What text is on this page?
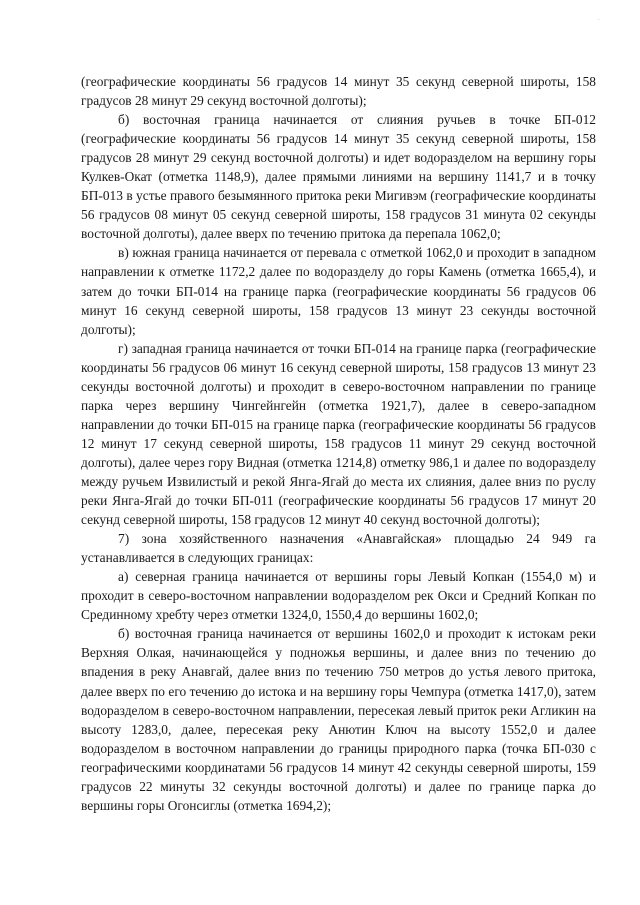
·

(географические координаты 56 градусов 14 минут 35 секунд северной широты, 158 градусов 28 минут 29 секунд восточной долготы);

б) восточная граница начинается от слияния ручьев в точке БП-012 (географические координаты 56 градусов 14 минут 35 секунд северной широты, 158 градусов 28 минут 29 секунд восточной долготы) и идет водоразделом на вершину горы Кулкев-Окат (отметка 1148,9), далее прямыми линиями на вершину 1141,7 и в точку БП-013 в устье правого безымянного притока реки Мигивэм (географические координаты 56 градусов 08 минут 05 секунд северной широты, 158 градусов 31 минута 02 секунды восточной долготы), далее вверх по течению притока да перепала 1062,0;

в) южная граница начинается от перевала с отметкой 1062,0 и проходит в западном направлении к отметке 1172,2 далее по водоразделу до горы Камень (отметка 1665,4), и затем до точки БП-014 на границе парка (географические координаты 56 градусов 06 минут 16 секунд северной широты, 158 градусов 13 минут 23 секунды восточной долготы);

г) западная граница начинается от точки БП-014 на границе парка (географические координаты 56 градусов 06 минут 16 секунд северной широты, 158 градусов 13 минут 23 секунды восточной долготы) и проходит в северо-восточном направлении по границе парка через вершину Чингейнгейн (отметка 1921,7), далее в северо-западном направлении до точки БП-015 на границе парка (географические координаты 56 градусов 12 минут 17 секунд северной широты, 158 градусов 11 минут 29 секунд восточной долготы), далее через гору Видная (отметка 1214,8) отметку 986,1 и далее по водоразделу между ручьем Извилистый и рекой Янга-Ягай до места их слияния, далее вниз по руслу реки Янга-Ягай до точки БП-011 (географические координаты 56 градусов 17 минут 20 секунд северной широты, 158 градусов 12 минут 40 секунд восточной долготы);

7) зона хозяйственного назначения «Анавгайская» площадью 24 949 га устанавливается в следующих границах:

а) северная граница начинается от вершины горы Левый Копкан (1554,0 м) и проходит в северо-восточном направлении водоразделом рек Окси и Средний Копкан по Срединному хребту через отметки 1324,0, 1550,4 до вершины 1602,0;

б) восточная граница начинается от вершины 1602,0 и проходит к истокам реки Верхняя Олкая, начинающейся у подножья вершины, и далее вниз по течению до впадения в реку Анавгай, далее вниз по течению 750 метров до устья левого притока, далее вверх по его течению до истока и на вершину горы Чемпура (отметка 1417,0), затем водоразделом в северо-восточном направлении, пересекая левый приток реки Агликин на высоту 1283,0, далее, пересекая реку Анютин Ключ на высоту 1552,0 и далее водоразделом в восточном направлении до границы природного парка (точка БП-030 с географическими координатами 56 градусов 14 минут 42 секунды северной широты, 159 градусов 22 минуты 32 секунды восточной долготы) и далее по границе парка до вершины горы Огонсиглы (отметка 1694,2);
